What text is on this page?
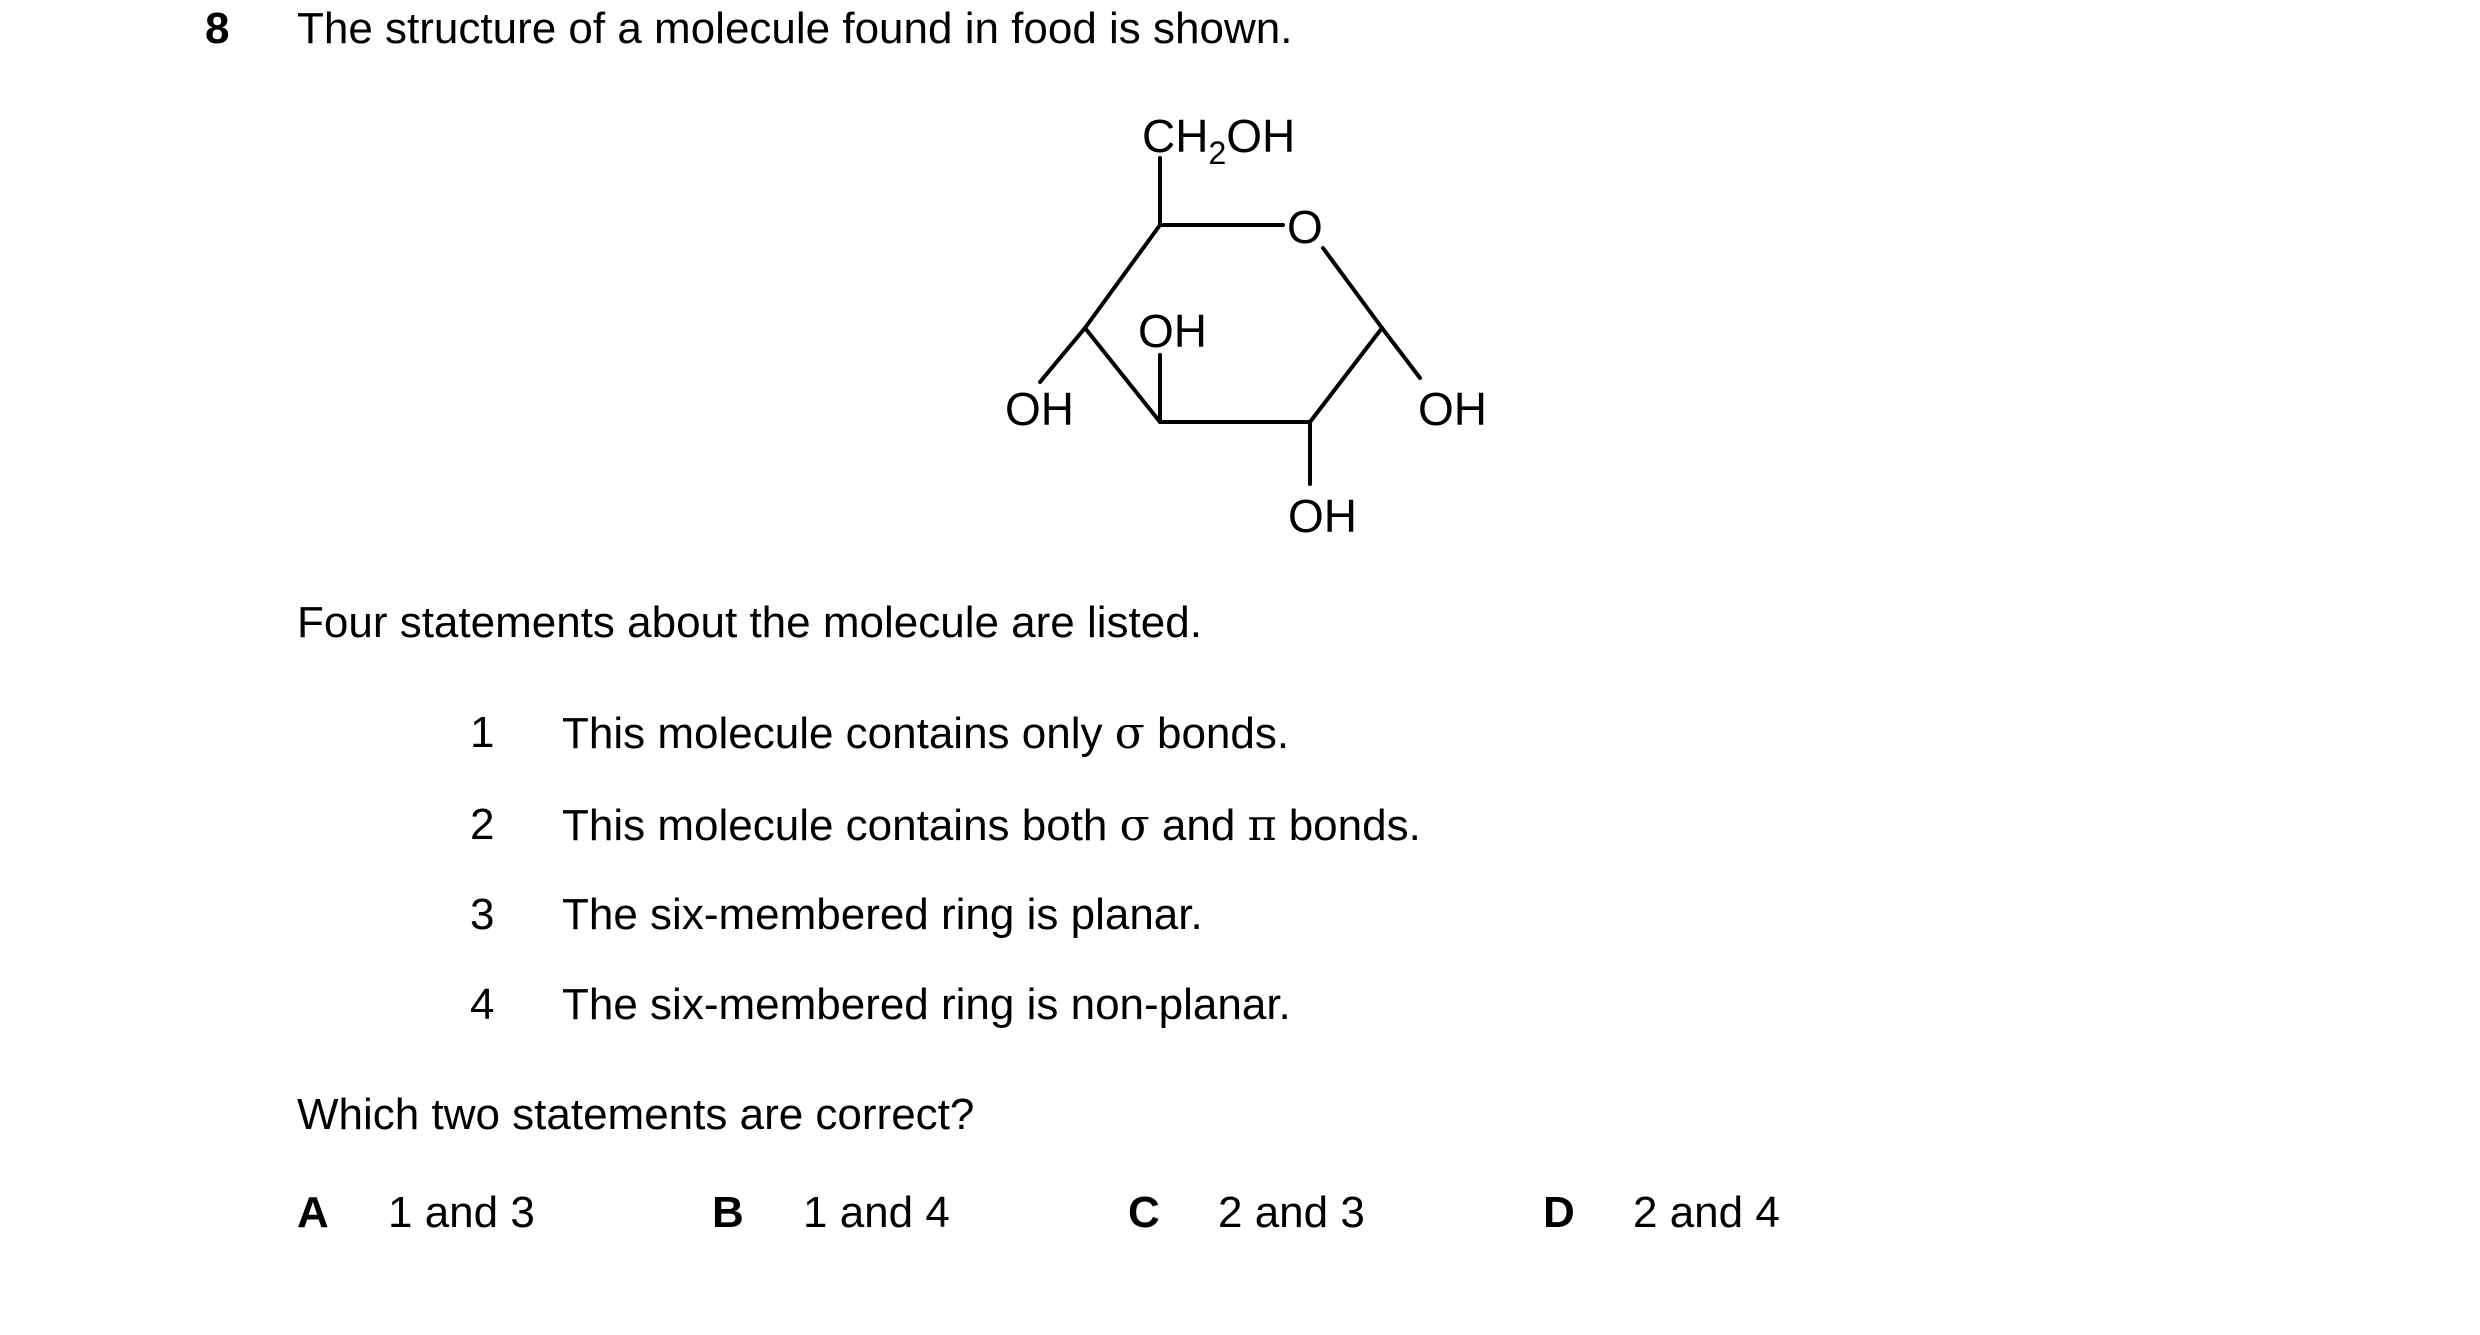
8 The structure of a molecule found in food is shown.
$CH_2OH$
O
OH
OH	OH
OH
Four statements about the molecule are listed.
1 This molecule contains only σ bonds.
2 This molecule contains both σ and π bonds.
3 The six-membered ring is planar.
4 The six-membered ring is non-planar.
Which two statements are correct?
A 1 and 3	B 1 and 4	C 2 and 3	D 2 and 4
